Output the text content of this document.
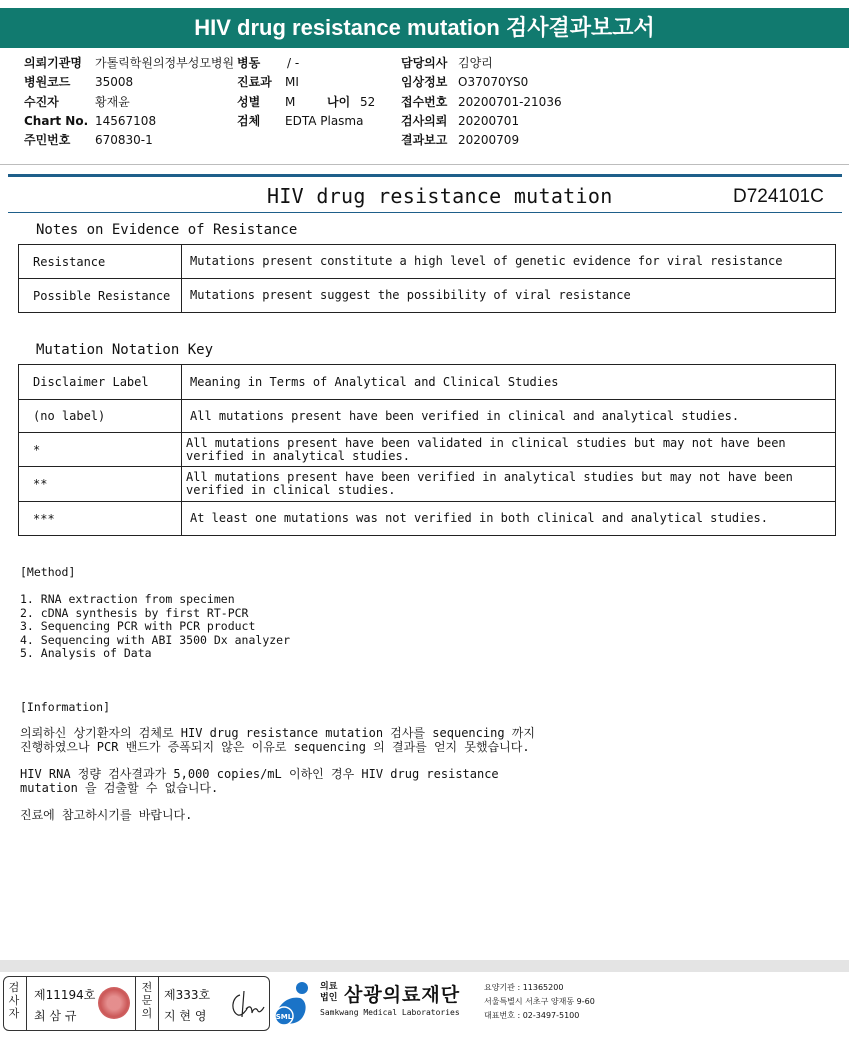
HIV drug resistance mutation 검사결과보고서
의뢰기관명 가톨릭학원의정부성모병원
병원코드 35008
수진자	황재윤
Chart No. 14567108
주민번호 670830-1
병동 / -
진료과 MI
성별 M	나이 52
검체 EDTA Plasma
담당의사 김양리
임상정보 O37070YS0
접수번호 20200701-21036
검사의뢰 20200701
결과보고 20200709
HIV drug resistance mutation	D724101C
Notes on Evidence of Resistance
Resistance	Mutations present constitute a high level of genetic evidence for viral resistance
Possible Resistance	Mutations present suggest the possibility of viral resistance
Mutation Notation Key
Disclaimer Label	Meaning in Terms of Analytical and Clinical Studies
(no label)	All mutations present have been verified in clinical and analytical studies.
*	All mutations present have been validated in clinical studies but may not have been verified in analytical studies.
**	All mutations present have been verified in analytical studies but may not have been verified in clinical studies.
***	At least one mutations was not verified in both clinical and analytical studies.
[Method]
1. RNA extraction from specimen
2. cDNA synthesis by first RT-PCR
3. Sequencing PCR with PCR product
4. Sequencing with ABI 3500 Dx analyzer
5. Analysis of Data
[Information]
의뢰하신 상기환자의 검체로 HIV drug resistance mutation 검사를 sequencing 까지
진행하였으나 PCR 밴드가 증폭되지 않은 이유로 sequencing 의 결과를 얻지 못했습니다.
HIV RNA 정량 검사결과가 5,000 copies/mL 이하인 경우 HIV drug resistance
mutation 을 검출할 수 없습니다.
진료에 참고하시기를 바랍니다.
검
사
자
제11194호
최 삼 규
전
문
의
제333호
지 현 영	SML
의료법인 삼광의료재단
Samkwang Medical Laboratories
요양기관 : 11365200
서울특별시 서초구 양재동 9-60
대표번호 : 02-3497-5100
